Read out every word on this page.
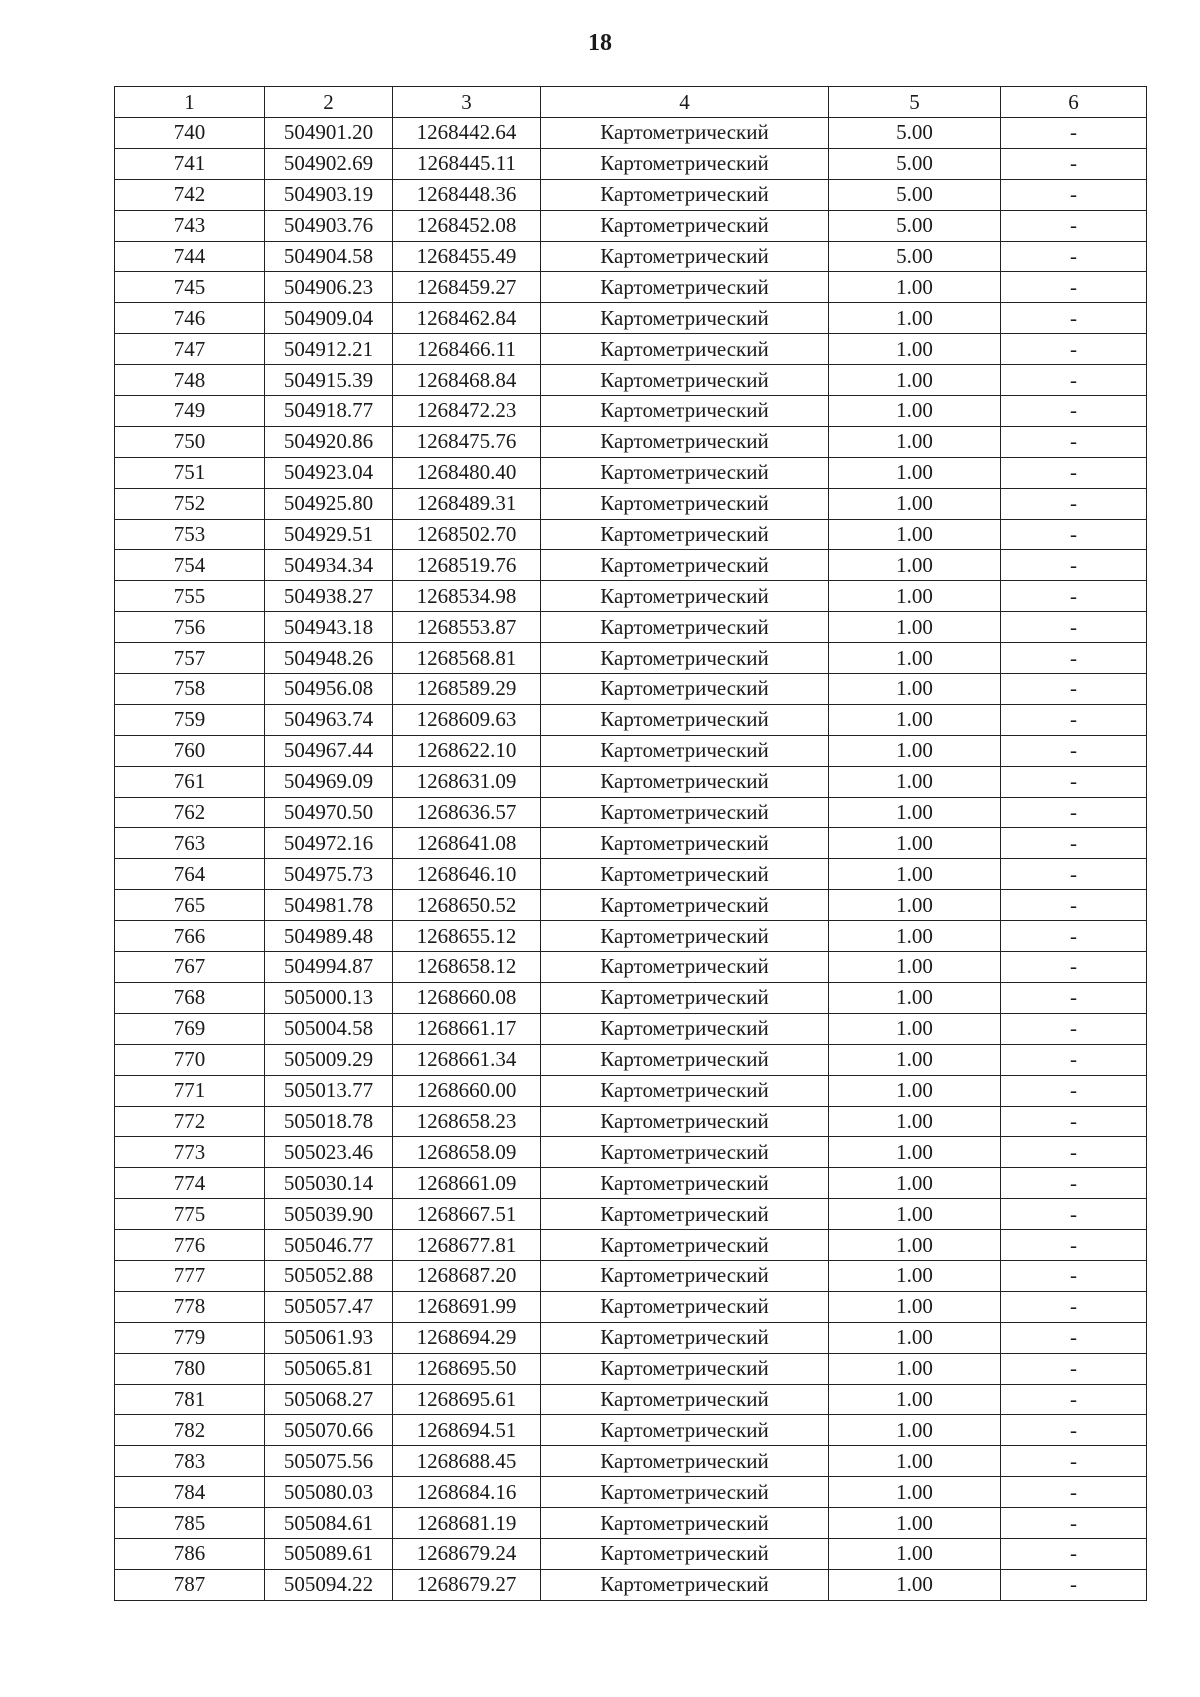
18
1	2	3	4	5	6
740	504901.20	1268442.64	Картометрический	5.00	-
741	504902.69	1268445.11	Картометрический	5.00	-
742	504903.19	1268448.36	Картометрический	5.00	-
743	504903.76	1268452.08	Картометрический	5.00	-
744	504904.58	1268455.49	Картометрический	5.00	-
745	504906.23	1268459.27	Картометрический	1.00	-
746	504909.04	1268462.84	Картометрический	1.00	-
747	504912.21	1268466.11	Картометрический	1.00	-
748	504915.39	1268468.84	Картометрический	1.00	-
749	504918.77	1268472.23	Картометрический	1.00	-
750	504920.86	1268475.76	Картометрический	1.00	-
751	504923.04	1268480.40	Картометрический	1.00	-
752	504925.80	1268489.31	Картометрический	1.00	-
753	504929.51	1268502.70	Картометрический	1.00	-
754	504934.34	1268519.76	Картометрический	1.00	-
755	504938.27	1268534.98	Картометрический	1.00	-
756	504943.18	1268553.87	Картометрический	1.00	-
757	504948.26	1268568.81	Картометрический	1.00	-
758	504956.08	1268589.29	Картометрический	1.00	-
759	504963.74	1268609.63	Картометрический	1.00	-
760	504967.44	1268622.10	Картометрический	1.00	-
761	504969.09	1268631.09	Картометрический	1.00	-
762	504970.50	1268636.57	Картометрический	1.00	-
763	504972.16	1268641.08	Картометрический	1.00	-
764	504975.73	1268646.10	Картометрический	1.00	-
765	504981.78	1268650.52	Картометрический	1.00	-
766	504989.48	1268655.12	Картометрический	1.00	-
767	504994.87	1268658.12	Картометрический	1.00	-
768	505000.13	1268660.08	Картометрический	1.00	-
769	505004.58	1268661.17	Картометрический	1.00	-
770	505009.29	1268661.34	Картометрический	1.00	-
771	505013.77	1268660.00	Картометрический	1.00	-
772	505018.78	1268658.23	Картометрический	1.00	-
773	505023.46	1268658.09	Картометрический	1.00	-
774	505030.14	1268661.09	Картометрический	1.00	-
775	505039.90	1268667.51	Картометрический	1.00	-
776	505046.77	1268677.81	Картометрический	1.00	-
777	505052.88	1268687.20	Картометрический	1.00	-
778	505057.47	1268691.99	Картометрический	1.00	-
779	505061.93	1268694.29	Картометрический	1.00	-
780	505065.81	1268695.50	Картометрический	1.00	-
781	505068.27	1268695.61	Картометрический	1.00	-
782	505070.66	1268694.51	Картометрический	1.00	-
783	505075.56	1268688.45	Картометрический	1.00	-
784	505080.03	1268684.16	Картометрический	1.00	-
785	505084.61	1268681.19	Картометрический	1.00	-
786	505089.61	1268679.24	Картометрический	1.00	-
787	505094.22	1268679.27	Картометрический	1.00	-
